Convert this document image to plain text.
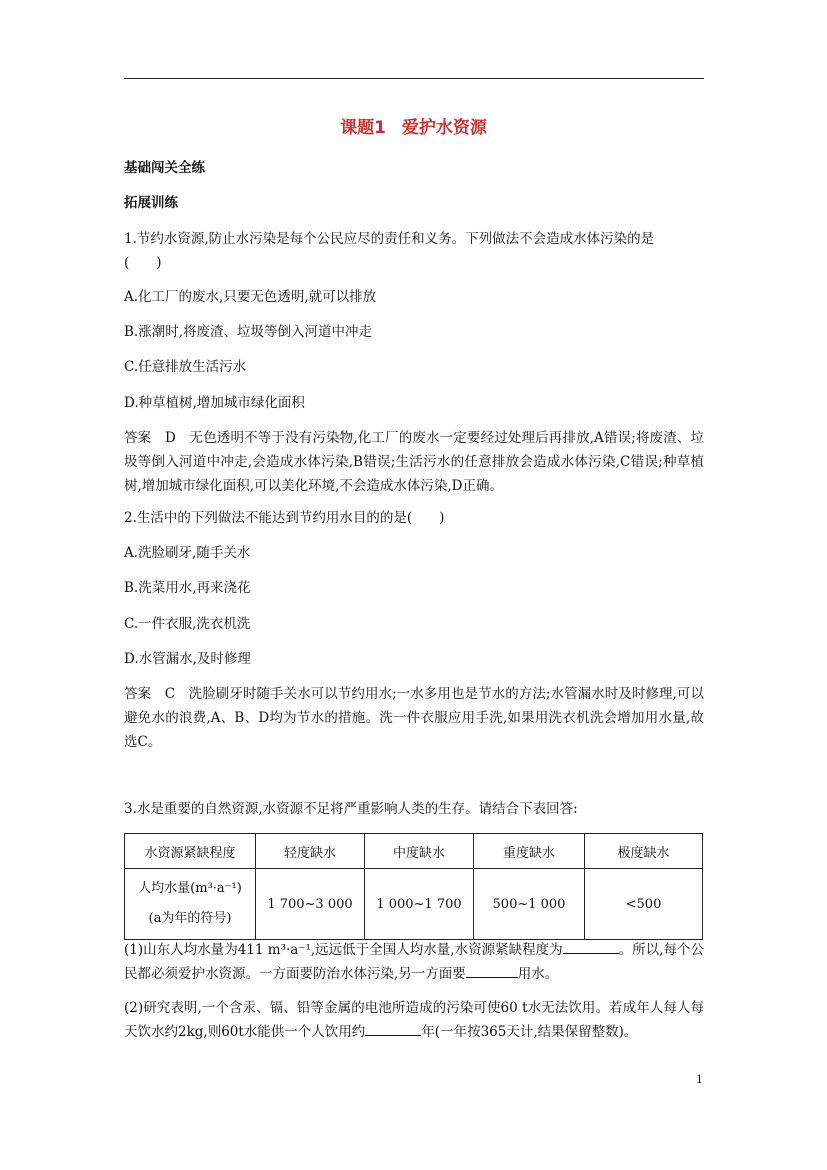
课题1 爱护水资源
基础闯关全练
拓展训练
1.节约水资源,防止水污染是每个公民应尽的责任和义务。下列做法不会造成水体污染的是
(　　)
A.化工厂的废水,只要无色透明,就可以排放
B.涨潮时,将废渣、垃圾等倒入河道中冲走
C.任意排放生活污水
D.种草植树,增加城市绿化面积
答案　D　无色透明不等于没有污染物,化工厂的废水一定要经过处理后再排放,A错误;将废渣、垃圾等倒入河道中冲走,会造成水体污染,B错误;生活污水的任意排放会造成水体污染,C错误;种草植树,增加城市绿化面积,可以美化环境,不会造成水体污染,D正确。
2.生活中的下列做法不能达到节约用水目的的是(　　)
A.洗脸刷牙,随手关水
B.洗菜用水,再来浇花
C.一件衣服,洗衣机洗
D.水管漏水,及时修理
答案　C　洗脸刷牙时随手关水可以节约用水;一水多用也是节水的方法;水管漏水时及时修理,可以避免水的浪费,A、B、D均为节水的措施。洗一件衣服应用手洗,如果用洗衣机洗会增加用水量,故选C。
3.水是重要的自然资源,水资源不足将严重影响人类的生存。请结合下表回答:
水资源紧缺程度	轻度缺水	中度缺水	重度缺水	极度缺水

人均水量(m³·a⁻¹)
(a为年的符号)	1 700~3 000	1 000~1 700	500~1 000	<500
(1)山东人均水量为411 m³·a⁻¹,远远低于全国人均水量,水资源紧缺程度为	。所以,每个公民都必须爱护水资源。一方面要防治水体污染,另一方面要	用水。
(2)研究表明,一个含汞、镉、铅等金属的电池所造成的污染可使60 t水无法饮用。若成年人每人每天饮水约2kg,则60t水能供一个人饮用约	年(一年按365天计,结果保留整数)。
1
